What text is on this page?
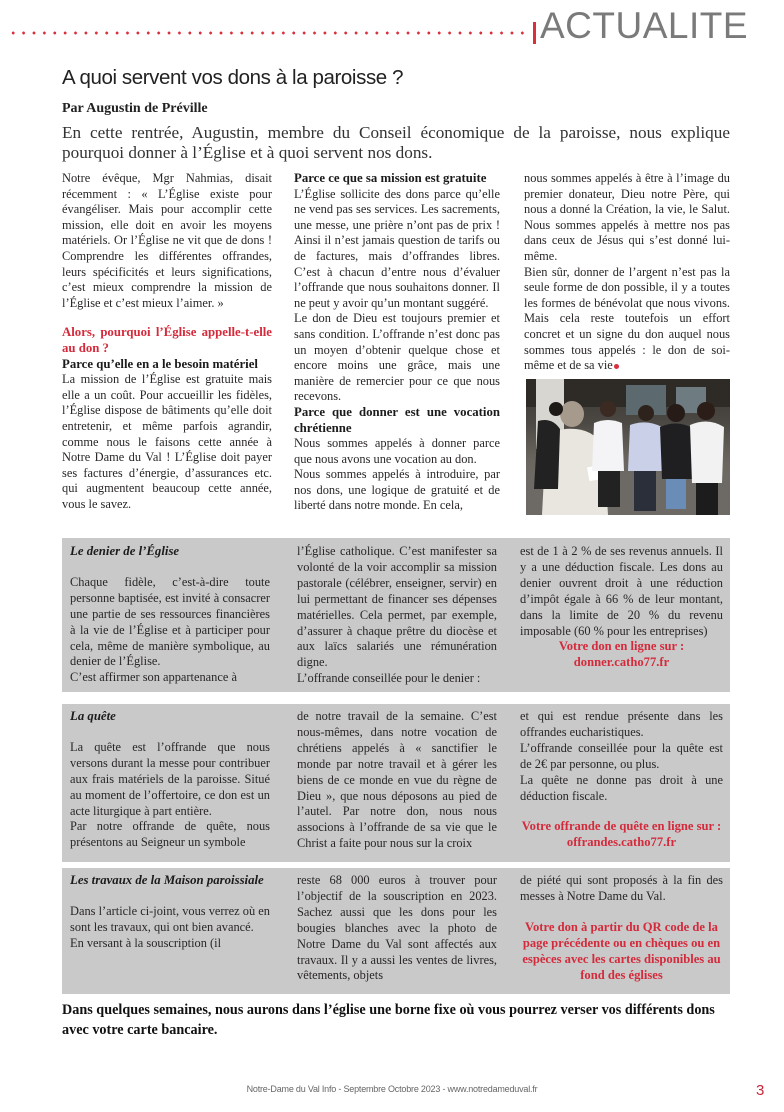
ACTUALITE
A quoi servent vos dons à la paroisse ?
Par Augustin de Préville
En cette rentrée, Augustin, membre du Conseil économique de la paroisse, nous explique pourquoi donner à l’Église et à quoi servent nos dons.

Notre évêque, Mgr Nahmias, disait récemment : « L’Église existe pour évangéliser. Mais pour accomplir cette mission, elle doit en avoir les moyens matériels. Or l’Église ne vit que de dons ! Comprendre les différentes offrandes, leurs spécificités et leurs significations, c’est mieux comprendre la mission de l’Église et c’est mieux l’aimer. »

Alors, pourquoi l’Église appelle-t-elle au don ?

Parce qu’elle en a le besoin matériel

La mission de l’Église est gratuite mais elle a un coût. Pour accueillir les fidèles, l’Église dispose de bâtiments qu’elle doit entretenir, et même parfois agrandir, comme nous le faisons cette année à Notre Dame du Val ! L’Église doit payer ses factures d’énergie, d’assurances etc. qui augmentent beaucoup cette année, vous le savez.

Parce ce que sa mission est gratuite

L’Église sollicite des dons parce qu’elle ne vend pas ses services. Les sacrements, une messe, une prière n’ont pas de prix ! Ainsi il n’est jamais question de tarifs ou de factures, mais d’offrandes libres. C’est à chacun d’entre nous d’évaluer l’offrande que nous souhaitons donner. Il ne peut y avoir qu’un montant suggéré.

Le don de Dieu est toujours premier et sans condition. L’offrande n’est donc pas un moyen d’obtenir quelque chose et encore moins une grâce, mais une manière de remercier pour ce que nous recevons.

Parce que donner est une vocation chrétienne

Nous sommes appelés à donner parce que nous avons une vocation au don.

Nous sommes appelés à introduire, par nos dons, une logique de gratuité et de liberté dans notre monde. En cela,

nous sommes appelés à être à l’image du premier donateur, Dieu notre Père, qui nous a donné la Création, la vie, le Salut. Nous sommes appelés à mettre nos pas dans ceux de Jésus qui s’est donné lui-même.

Bien sûr, donner de l’argent n’est pas la seule forme de don possible, il y a toutes les formes de bénévolat que nous vivons. Mais cela reste toutefois un effort concret et un signe du don auquel nous sommes tous appelés : le don de soi-même et de sa vie

Le denier de l’Église

Chaque fidèle, c’est-à-dire toute personne baptisée, est invité à consacrer une partie de ses ressources financières à la vie de l’Église et à participer pour cela, même de manière symbolique, au denier de l’Église.

C’est affirmer son appartenance à

l’Église catholique. C’est manifester sa volonté de la voir accomplir sa mission pastorale (célébrer, enseigner, servir) en lui permettant de financer ses dépenses matérielles. Cela permet, par exemple, d’assurer à chaque prêtre du diocèse et aux laïcs salariés une rémunération digne.

L’offrande conseillée pour le denier :

est de 1 à 2 % de ses revenus annuels. Il y a une déduction fiscale. Les dons au denier ouvrent droit à une réduction d’impôt égale à 66 % de leur montant, dans la limite de 20 % du revenu imposable (60 % pour les entreprises)

Votre don en ligne sur :

donner.catho77.fr

La quête

La quête est l’offrande que nous versons durant la messe pour contribuer aux frais matériels de la paroisse. Situé au moment de l’offertoire, ce don est un acte liturgique à part entière.

Par notre offrande de quête, nous présentons au Seigneur un symbole

de notre travail de la semaine. C’est nous-mêmes, dans notre vocation de chrétiens appelés à « sanctifier le monde par notre travail et à gérer les biens de ce monde en vue du règne de Dieu », que nous déposons au pied de l’autel. Par notre don, nous nous associons à l’offrande de sa vie que le Christ a faite pour nous sur la croix

et qui est rendue présente dans les offrandes eucharistiques.

L’offrande conseillée pour la quête est de 2€ par personne, ou plus.

La quête ne donne pas droit à une déduction fiscale.

Votre offrande de quête en ligne sur :

offrandes.catho77.fr

Les travaux de la Maison paroissiale

Dans l’article ci-joint, vous verrez où en sont les travaux, qui ont bien avancé.

En versant à la souscription (il

reste 68 000 euros à trouver pour l’objectif de la souscription en 2023. Sachez aussi que les dons pour les bougies blanches avec la photo de Notre Dame du Val sont affectés aux travaux. Il y a aussi les ventes de livres, vêtements, objets

de piété qui sont proposés à la fin des messes à Notre Dame du Val.

Votre don à partir du QR code de la page précédente ou en chèques ou en espèces avec les cartes disponibles au fond des églises

Dans quelques semaines, nous aurons dans l’église une borne fixe où vous pourrez verser vos différents dons avec votre carte bancaire.
Notre-Dame du Val Info - Septembre Octobre 2023 - www.notredameduval.fr	3
